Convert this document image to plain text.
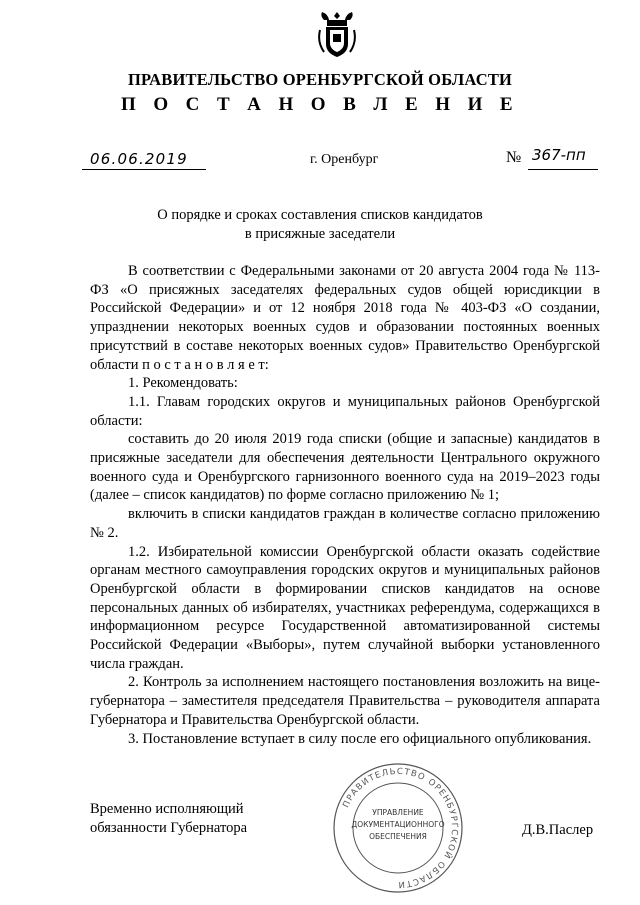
ПРАВИТЕЛЬСТВО ОРЕНБУРГСКОЙ ОБЛАСТИ
П О С Т А Н О В Л Е Н И Е
06.06.2019	г. Оренбург	№ 367-пп
О порядке и сроках составления списков кандидатов
в присяжные заседатели

В соответствии с Федеральными законами от 20 августа 2004 года № 113-ФЗ «О присяжных заседателях федеральных судов общей юрисдикции в Российской Федерации» и от 12 ноября 2018 года № 403-ФЗ «О создании, упразднении некоторых военных судов и образовании постоянных военных присутствий в составе некоторых военных судов» Правительство Оренбургской области п о с т а н о в л я е т:

1. Рекомендовать:

1.1. Главам городских округов и муниципальных районов Оренбургской области:

составить до 20 июля 2019 года списки (общие и запасные) кандидатов в присяжные заседатели для обеспечения деятельности Центрального окружного военного суда и Оренбургского гарнизонного военного суда на 2019–2023 годы (далее – список кандидатов) по форме согласно приложению № 1;

включить в списки кандидатов граждан в количестве согласно приложению № 2.

1.2. Избирательной комиссии Оренбургской области оказать содействие органам местного самоуправления городских округов и муниципальных районов Оренбургской области в формировании списков кандидатов на основе персональных данных об избирателях, участниках референдума, содержащихся в информационном ресурсе Государственной автоматизированной системы Российской Федерации «Выборы», путем случайной выборки установленного числа граждан.

2. Контроль за исполнением настоящего постановления возложить на вице-губернатора – заместителя председателя Правительства – руководителя аппарата Губернатора и Правительства Оренбургской области.

3. Постановление вступает в силу после его официального опубликования.

Временно исполняющий
обязанности Губернатора	Д.В.Паслер
ПРАВИТЕЛЬСТВО ОРЕНБУРГСКОЙ ОБЛАСТИ
УПРАВЛЕНИЕ
ДОКУМЕНТАЦИОННОГО
ОБЕСПЕЧЕНИЯ
